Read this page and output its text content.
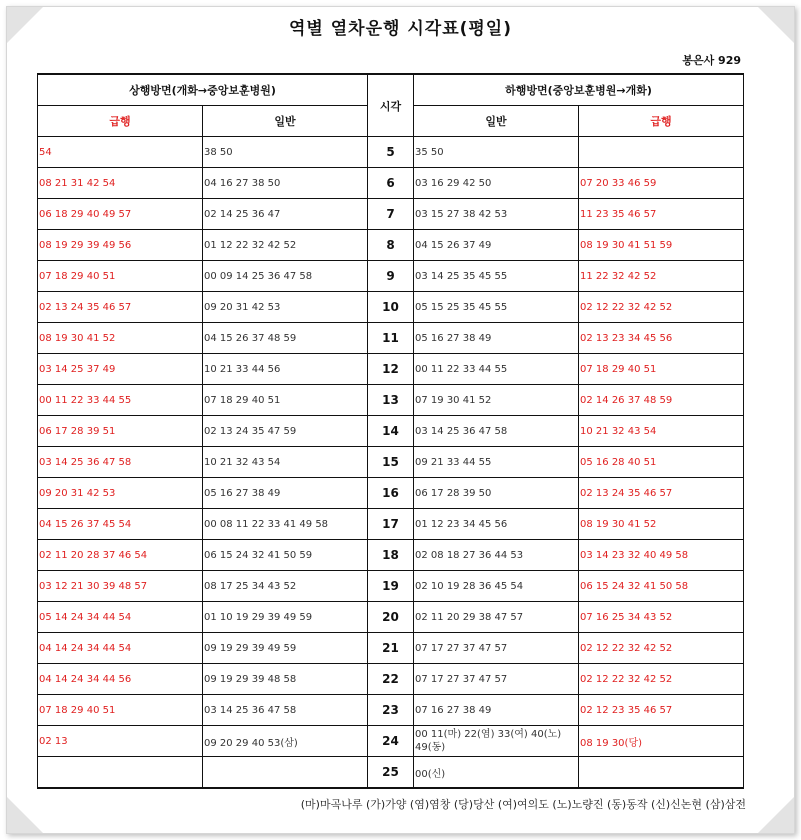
역별 열차운행 시각표(평일)
봉은사 929
상행방면(개화→중앙보훈병원)		시각	하행방면(중앙보훈병원→개화)	
급행	일반		일반	급행
54	38 50	5	35 50	
08 21 31 42 54	04 16 27 38 50	6	03 16 29 42 50	07 20 33 46 59
06 18 29 40 49 57	02 14 25 36 47	7	03 15 27 38 42 53	11 23 35 46 57
08 19 29 39 49 56	01 12 22 32 42 52	8	04 15 26 37 49	08 19 30 41 51 59
07 18 29 40 51	00 09 14 25 36 47 58	9	03 14 25 35 45 55	11 22 32 42 52
02 13 24 35 46 57	09 20 31 42 53	10	05 15 25 35 45 55	02 12 22 32 42 52
08 19 30 41 52	04 15 26 37 48 59	11	05 16 27 38 49	02 13 23 34 45 56
03 14 25 37 49	10 21 33 44 56	12	00 11 22 33 44 55	07 18 29 40 51
00 11 22 33 44 55	07 18 29 40 51	13	07 19 30 41 52	02 14 26 37 48 59
06 17 28 39 51	02 13 24 35 47 59	14	03 14 25 36 47 58	10 21 32 43 54
03 14 25 36 47 58	10 21 32 43 54	15	09 21 33 44 55	05 16 28 40 51
09 20 31 42 53	05 16 27 38 49	16	06 17 28 39 50	02 13 24 35 46 57
04 15 26 37 45 54	00 08 11 22 33 41 49 58	17	01 12 23 34 45 56	08 19 30 41 52
02 11 20 28 37 46 54	06 15 24 32 41 50 59	18	02 08 18 27 36 44 53	03 14 23 32 40 49 58
03 12 21 30 39 48 57	08 17 25 34 43 52	19	02 10 19 28 36 45 54	06 15 24 32 41 50 58
05 14 24 34 44 54	01 10 19 29 39 49 59	20	02 11 20 29 38 47 57	07 16 25 34 43 52
04 14 24 34 44 54	09 19 29 39 49 59	21	07 17 27 37 47 57	02 12 22 32 42 52
04 14 24 34 44 56	09 19 29 39 48 58	22	07 17 27 37 47 57	02 12 22 32 42 52
07 18 29 40 51	03 14 25 36 47 58	23	07 16 27 38 49	02 12 23 35 46 57
02 13	09 20 29 40 53(삼)	24	00 11(마) 22(염) 33(여) 40(노) 49(동)	08 19 30(당)
		25	00(신)	
(마)마곡나루 (가)가양 (염)염창 (당)당산 (여)여의도 (노)노량진 (동)동작 (신)신논현 (삼)삼전
